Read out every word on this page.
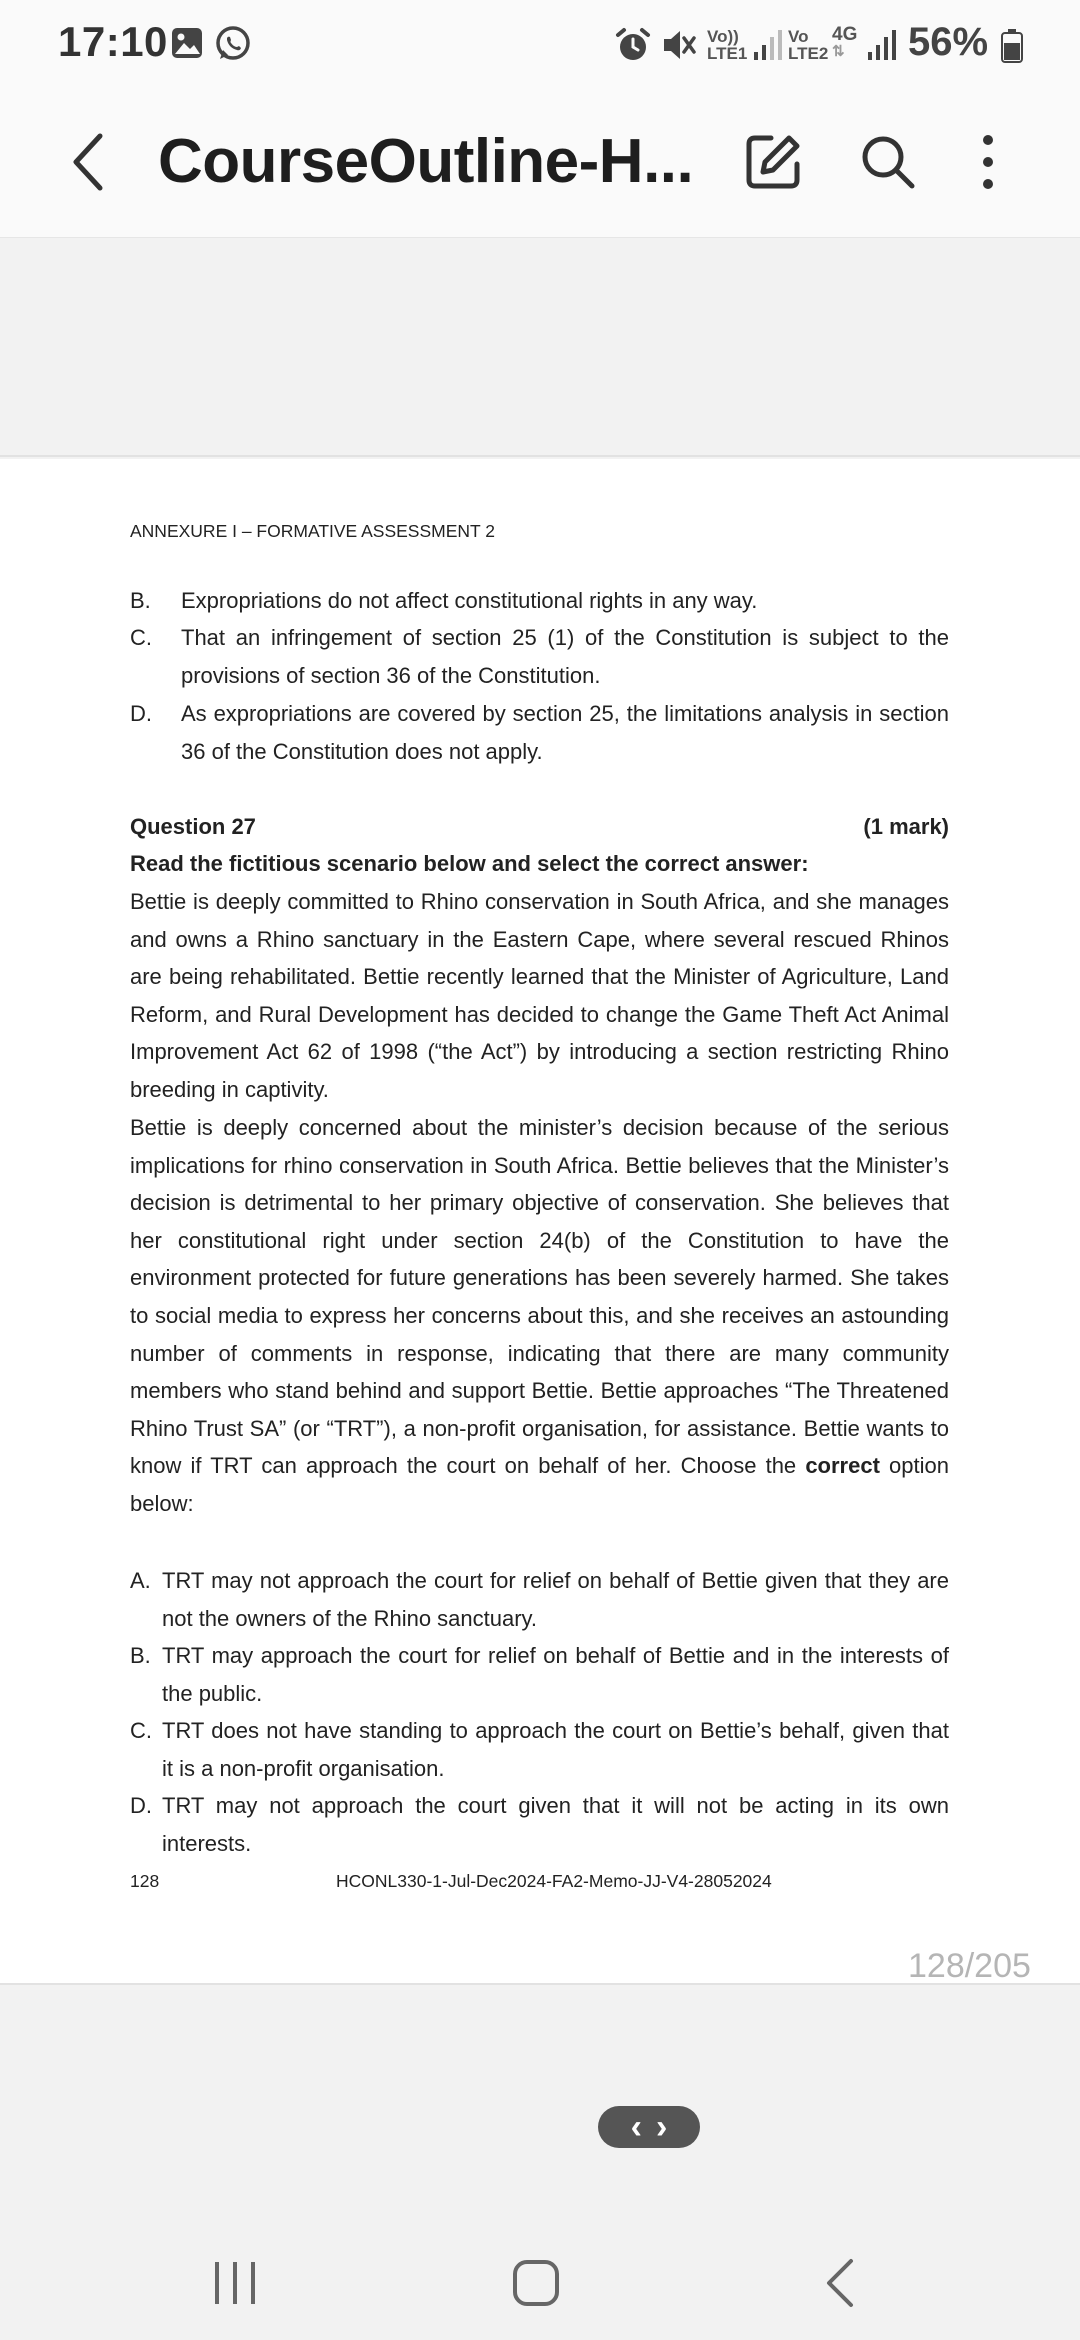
17:10	Vo))
LTE1
Vo
LTE2
4G
⇅	56%
CourseOutline-H...
ANNEXURE I – FORMATIVE ASSESSMENT 2
B.	Expropriations do not affect constitutional rights in any way.
C.	That an infringement of section 25 (1) of the Constitution is subject to the provisions of section 36 of the Constitution.
D.	As expropriations are covered by section 25, the limitations analysis in section 36 of the Constitution does not apply.
Question 27	(1 mark)
Read the fictitious scenario below and select the correct answer:
Bettie is deeply committed to Rhino conservation in South Africa, and she manages and owns a Rhino sanctuary in the Eastern Cape, where several rescued Rhinos are being rehabilitated. Bettie recently learned that the Minister of Agriculture, Land Reform, and Rural Development has decided to change the Game Theft Act Animal Improvement Act 62 of 1998 (“the Act”) by introducing a section restricting Rhino breeding in captivity.
Bettie is deeply concerned about the minister’s decision because of the serious implications for rhino conservation in South Africa. Bettie believes that the Minister’s decision is detrimental to her primary objective of conservation. She believes that her constitutional right under section 24(b) of the Constitution to have the environment protected for future generations has been severely harmed. She takes to social media to express her concerns about this, and she receives an astounding number of comments in response, indicating that there are many community members who stand behind and support Bettie. Bettie approaches “The Threatened Rhino Trust SA” (or “TRT”), a non-profit organisation, for assistance. Bettie wants to know if TRT can approach the court on behalf of her. Choose the correct option below:
A. TRT may not approach the court for relief on behalf of Bettie given that they are not the owners of the Rhino sanctuary.
B. TRT may approach the court for relief on behalf of Bettie and in the interests of the public.
C. TRT does not have standing to approach the court on Bettie’s behalf, given that it is a non-profit organisation.
D. TRT may not approach the court given that it will not be acting in its own interests.
128	HCONL330-1-Jul-Dec2024-FA2-Memo-JJ-V4-28052024
128/205
‹ ›
